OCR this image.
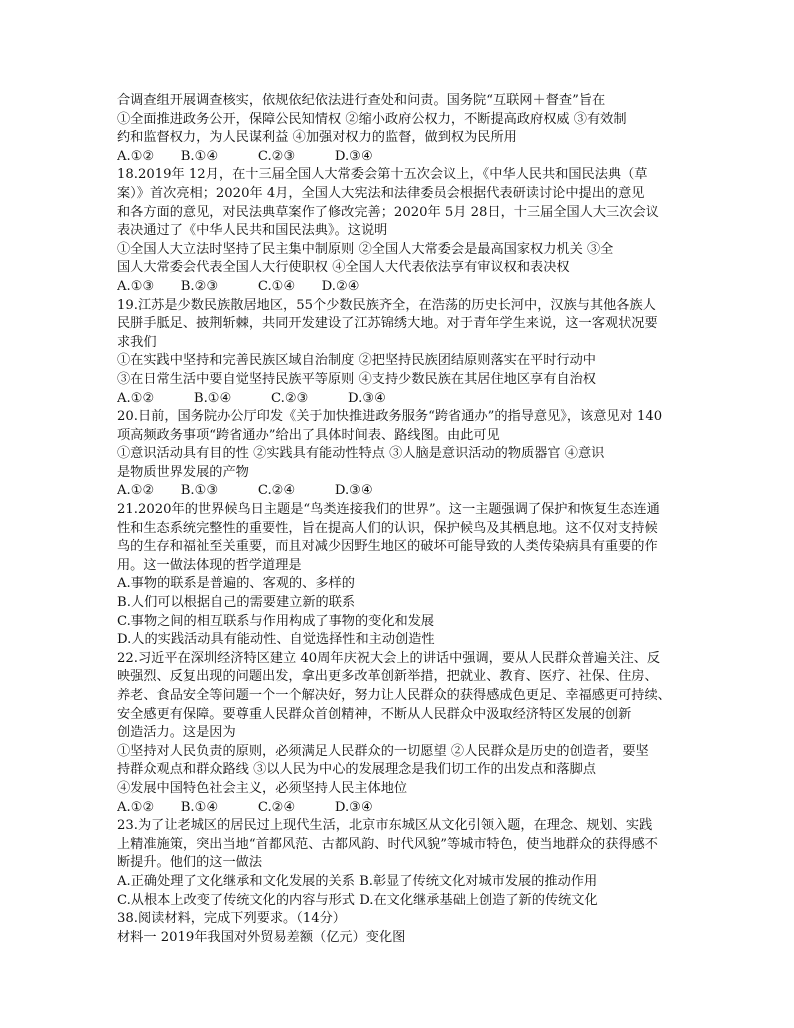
合调查组开展调查核实，依规依纪依法进行查处和问责。国务院“互联网＋督查”旨在
①全面推进政务公开，保障公民知情权 ②缩小政府公权力，不断提高政府权威 ③有效制
约和监督权力，为人民谋利益 ④加强对权力的监督，做到权为民所用
A.①②　　B.①④　　　C.②③　　　D.③④
18.2019年 12月，在十三届全国人大常委会第十五次会议上，《中华人民共和国民法典（草
案）》首次亮相；2020年 4月，全国人大宪法和法律委员会根据代表研读讨论中提出的意见
和各方面的意见，对民法典草案作了修改完善；2020年 5月 28日，十三届全国人大三次会议
表决通过了《中华人民共和国民法典》。这说明
①全国人大立法时坚持了民主集中制原则 ②全国人大常委会是最高国家权力机关 ③全
国人大常委会代表全国人大行使职权 ④全国人大代表依法享有审议权和表决权
A.①③　　B.②③　　　C.①④　　D.②④
19.江苏是少数民族散居地区，55个少数民族齐全，在浩荡的历史长河中，汉族与其他各族人
民胼手胝足、披荆斩棘，共同开发建设了江苏锦绣大地。对于青年学生来说，这一客观状况要
求我们
①在实践中坚持和完善民族区域自治制度 ②把坚持民族团结原则落实在平时行动中
③在日常生活中要自觉坚持民族平等原则 ④支持少数民族在其居住地区享有自治权
A.①②　　　B.①④　　　C.②③　　　D.③④
20.日前，国务院办公厅印发《关于加快推进政务服务“跨省通办”的指导意见》，该意见对 140
项高频政务事项“跨省通办”给出了具体时间表、路线图。由此可见
①意识活动具有目的性 ②实践具有能动性特点 ③人脑是意识活动的物质器官 ④意识
是物质世界发展的产物
A.①②　　B.①③　　　C.②④　　　D.③④
21.2020年的世界候鸟日主题是“鸟类连接我们的世界”。这一主题强调了保护和恢复生态连通
性和生态系统完整性的重要性，旨在提高人们的认识，保护候鸟及其栖息地。这不仅对支持候
鸟的生存和福祉至关重要，而且对减少因野生地区的破坏可能导致的人类传染病具有重要的作
用。这一做法体现的哲学道理是
A.事物的联系是普遍的、客观的、多样的
B.人们可以根据自己的需要建立新的联系
C.事物之间的相互联系与作用构成了事物的变化和发展
D.人的实践活动具有能动性、自觉选择性和主动创造性
22.习近平在深圳经济特区建立 40周年庆祝大会上的讲话中强调，要从人民群众普遍关注、反
映强烈、反复出现的问题出发，拿出更多改革创新举措，把就业、教育、医疗、社保、住房、
养老、食品安全等问题一个一个解决好，努力让人民群众的获得感成色更足、幸福感更可持续、
安全感更有保障。要尊重人民群众首创精神，不断从人民群众中汲取经济特区发展的创新
创造活力。这是因为
①坚持对人民负责的原则，必须满足人民群众的一切愿望 ②人民群众是历史的创造者，要坚
持群众观点和群众路线 ③以人民为中心的发展理念是我们切工作的出发点和落脚点
④发展中国特色社会主义，必须坚持人民主体地位
A.①②　　B.①④　　　C.②④　　　D.③④
23.为了让老城区的居民过上现代生活，北京市东城区从文化引领入题，在理念、规划、实践
上精准施策，突出当地“首都风范、古都风韵、时代风貌”等城市特色，使当地群众的获得感不
断提升。他们的这一做法
A.正确处理了文化继承和文化发展的关系 B.彰显了传统文化对城市发展的推动作用
C.从根本上改变了传统文化的内容与形式 D.在文化继承基础上创造了新的传统文化
38.阅读材料，完成下列要求。（14分）
材料一 2019年我国对外贸易差额（亿元）变化图
